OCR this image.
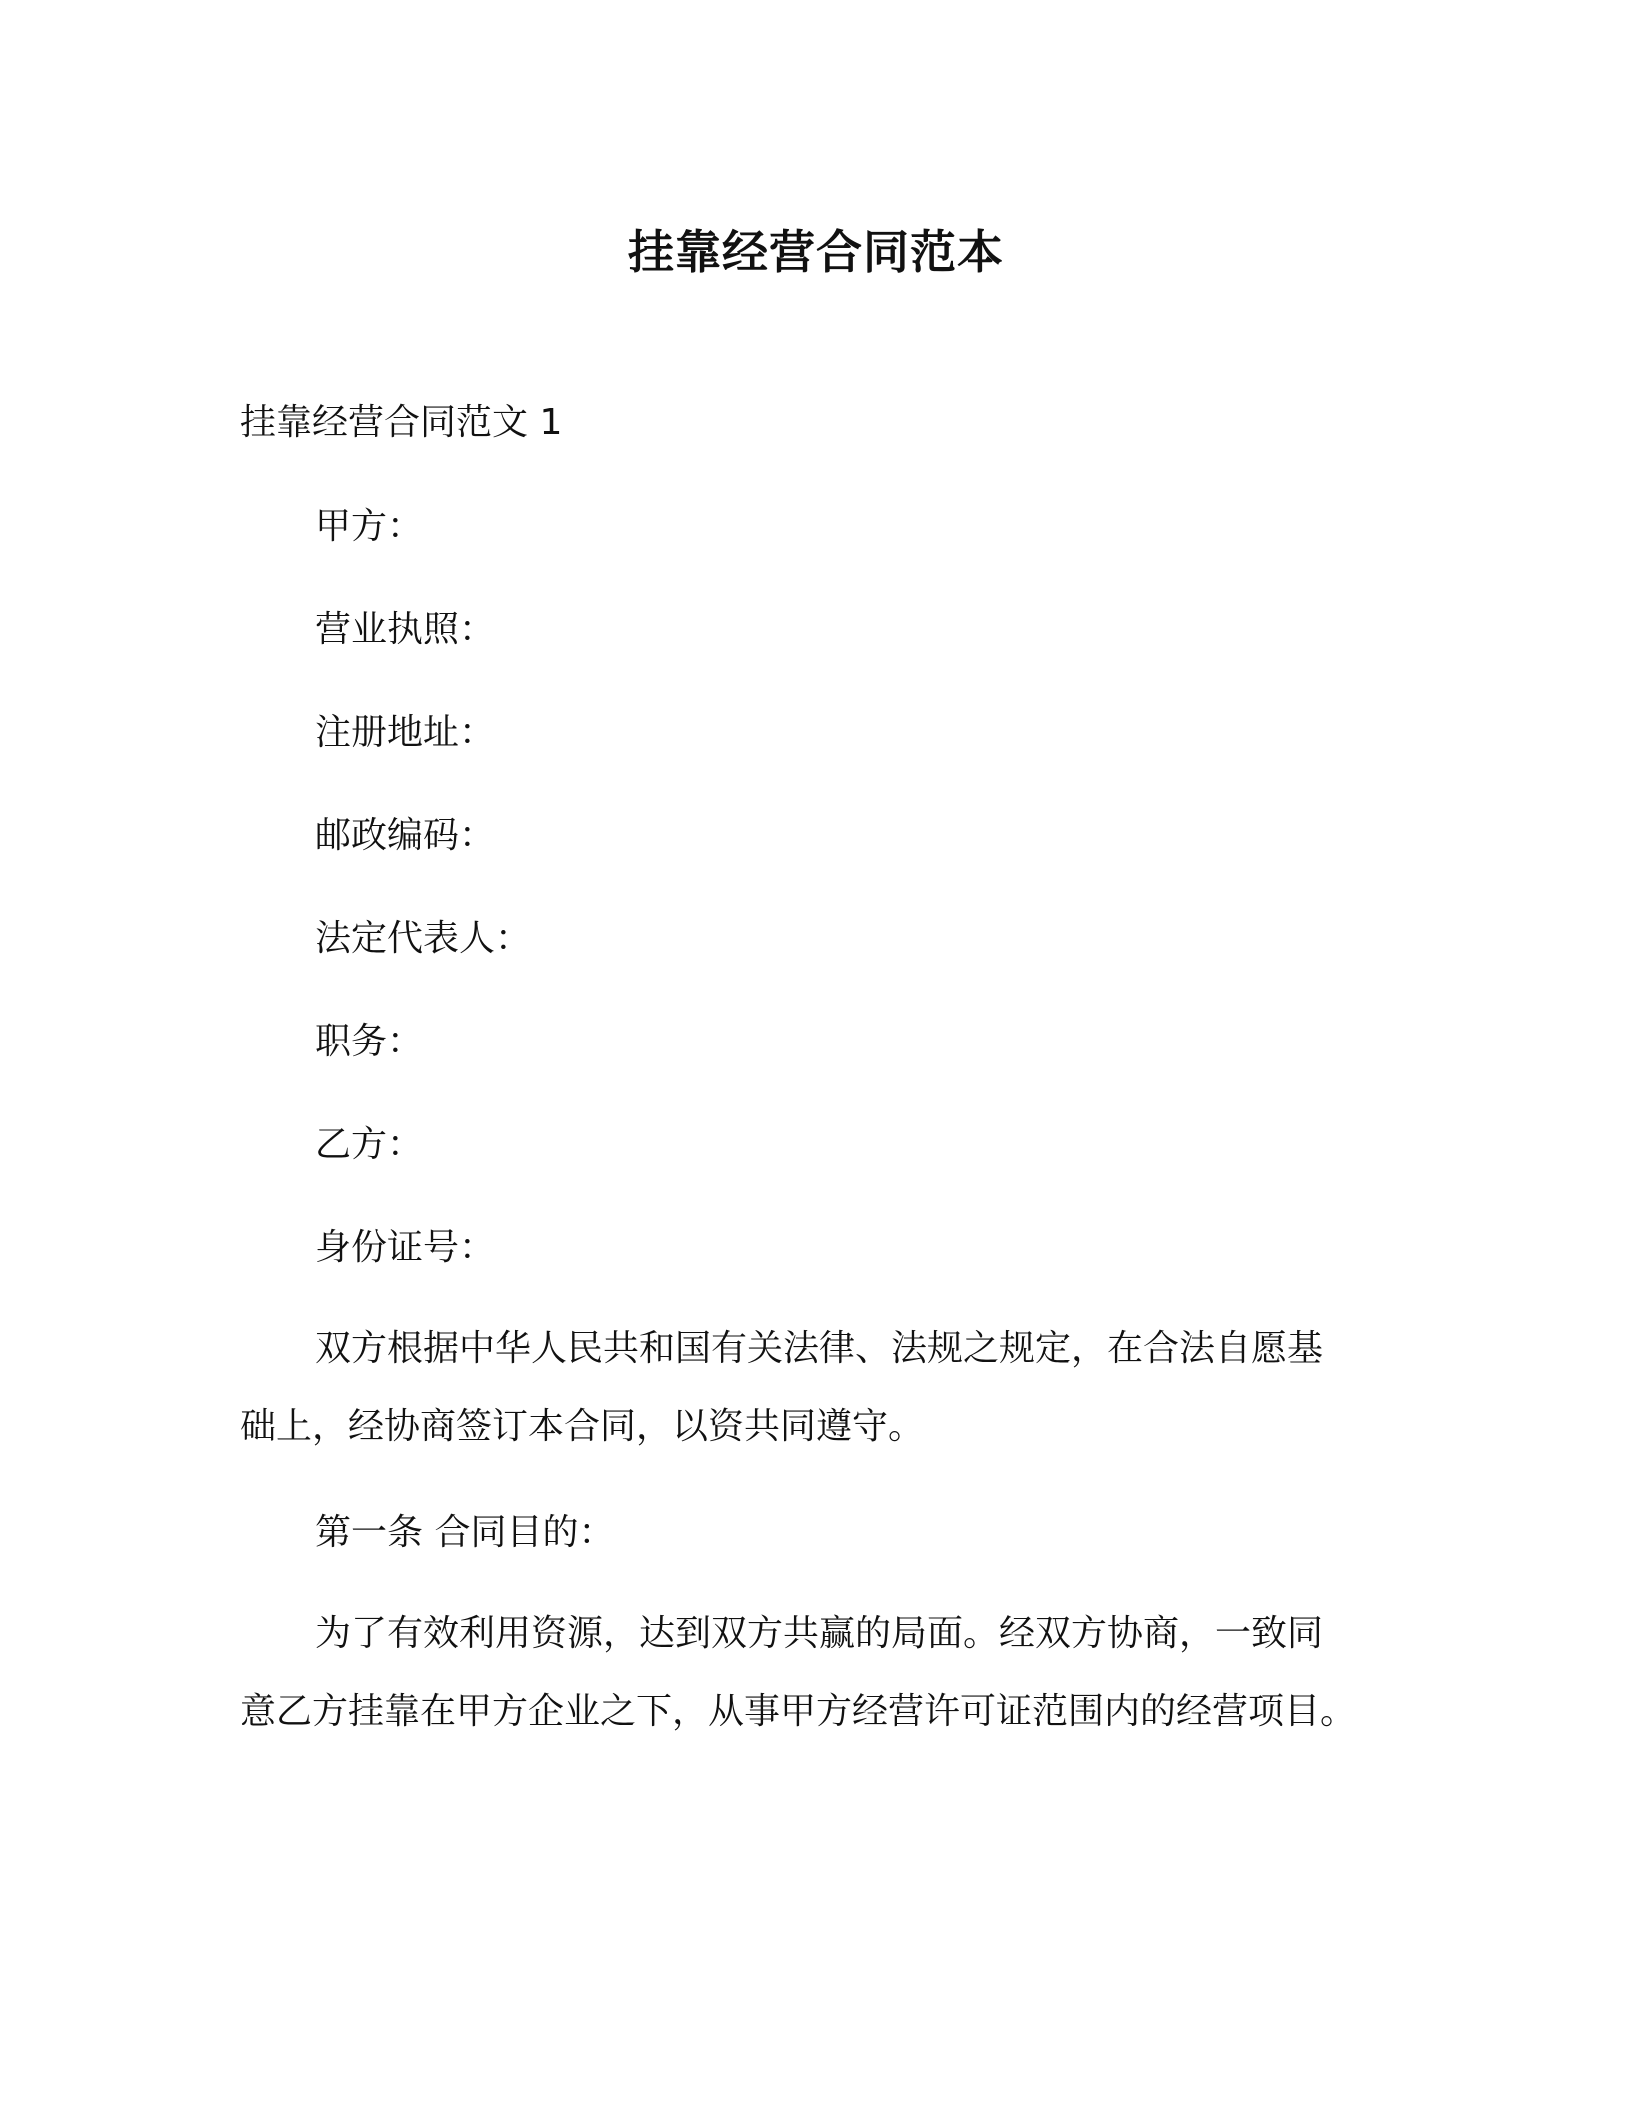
挂靠经营合同范本
挂靠经营合同范文 1
甲方：
营业执照：
注册地址：
邮政编码：
法定代表人：
职务：
乙方：
身份证号：
双方根据中华人民共和国有关法律、法规之规定，在合法自愿基
础上，经协商签订本合同，以资共同遵守。
第一条 合同目的：
为了有效利用资源，达到双方共赢的局面。经双方协商，一致同
意乙方挂靠在甲方企业之下，从事甲方经营许可证范围内的经营项目。
